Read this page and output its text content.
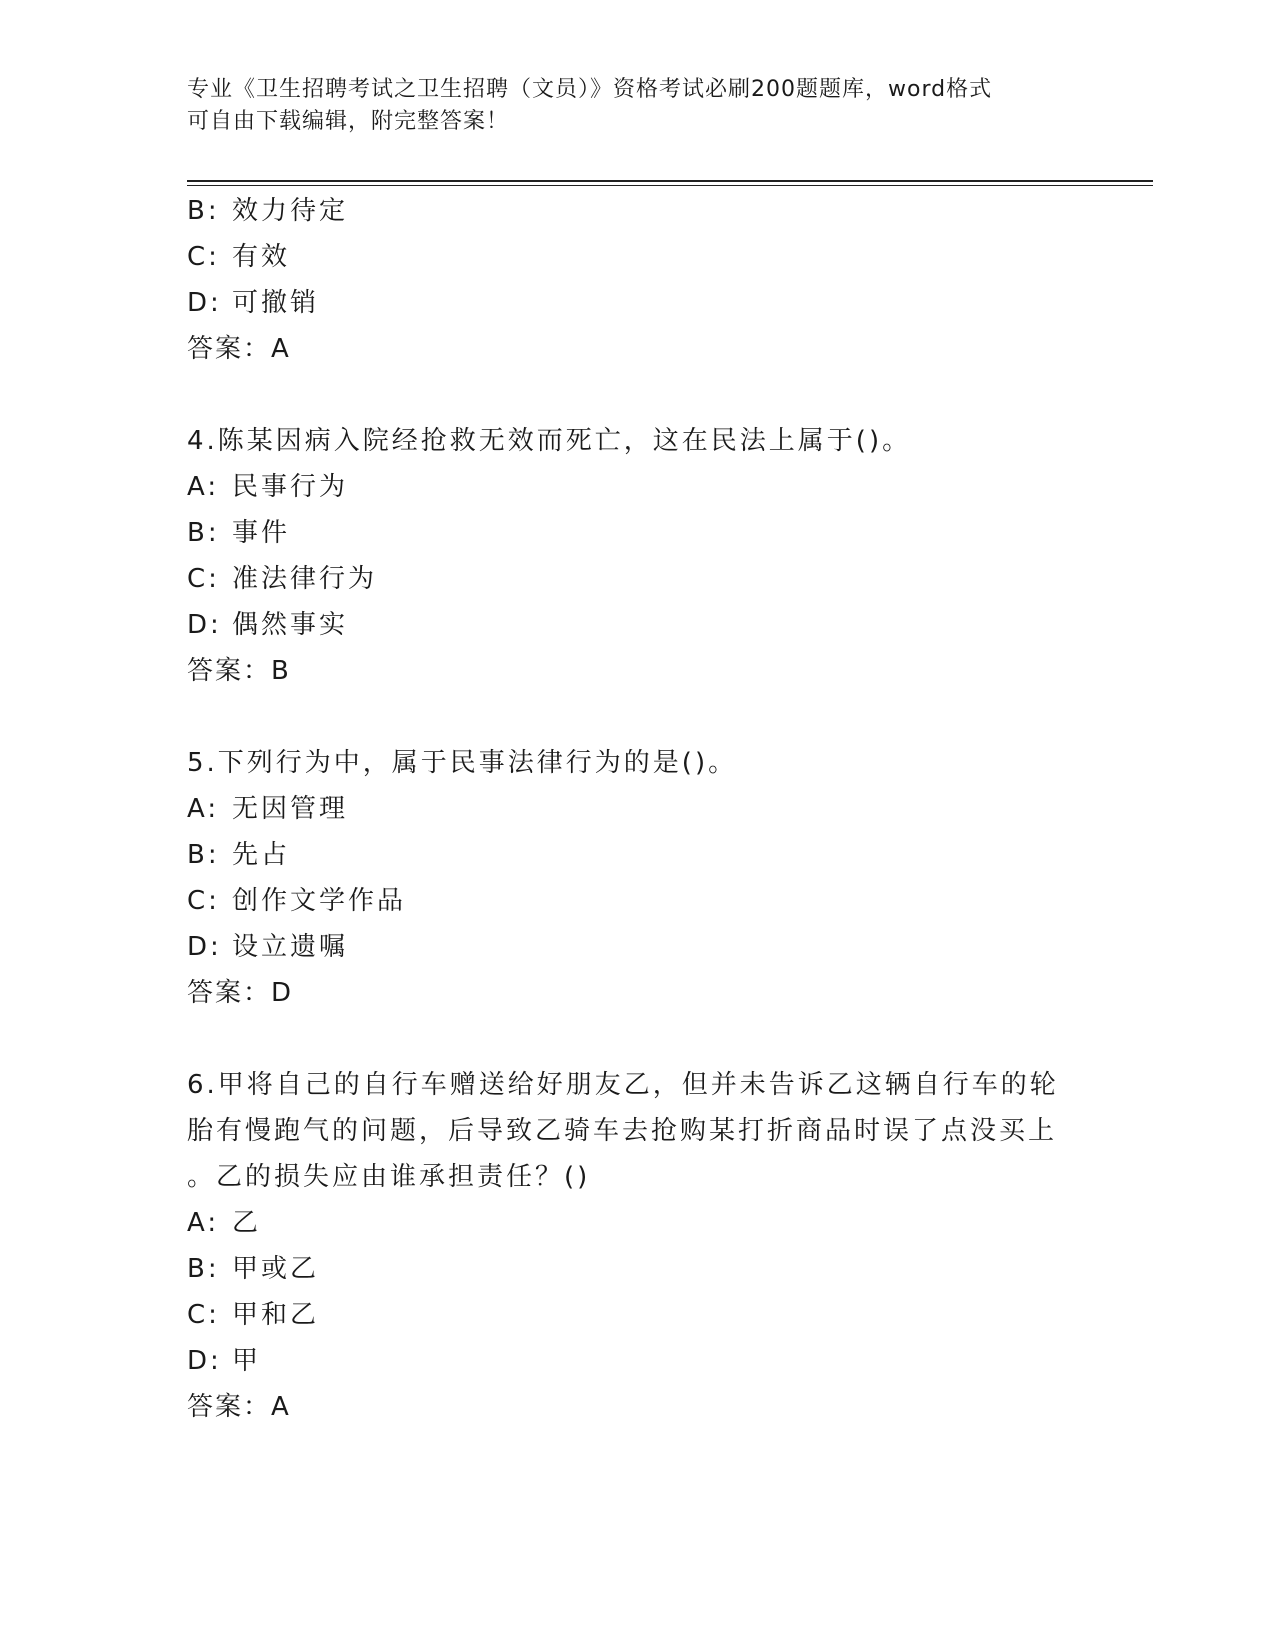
专业《卫生招聘考试之卫生招聘（文员）》资格考试必刷200题题库，word格式
可自由下载编辑，附完整答案！
B: 效力待定
C: 有效
D: 可撤销
答案：A
4.陈某因病入院经抢救无效而死亡，这在民法上属于()。
A: 民事行为
B: 事件
C: 准法律行为
D: 偶然事实
答案：B
5.下列行为中，属于民事法律行为的是()。
A: 无因管理
B: 先占
C: 创作文学作品
D: 设立遗嘱
答案：D
6.甲将自己的自行车赠送给好朋友乙，但并未告诉乙这辆自行车的轮
胎有慢跑气的问题，后导致乙骑车去抢购某打折商品时误了点没买上
。乙的损失应由谁承担责任？()
A: 乙
B: 甲或乙
C: 甲和乙
D: 甲
答案：A
